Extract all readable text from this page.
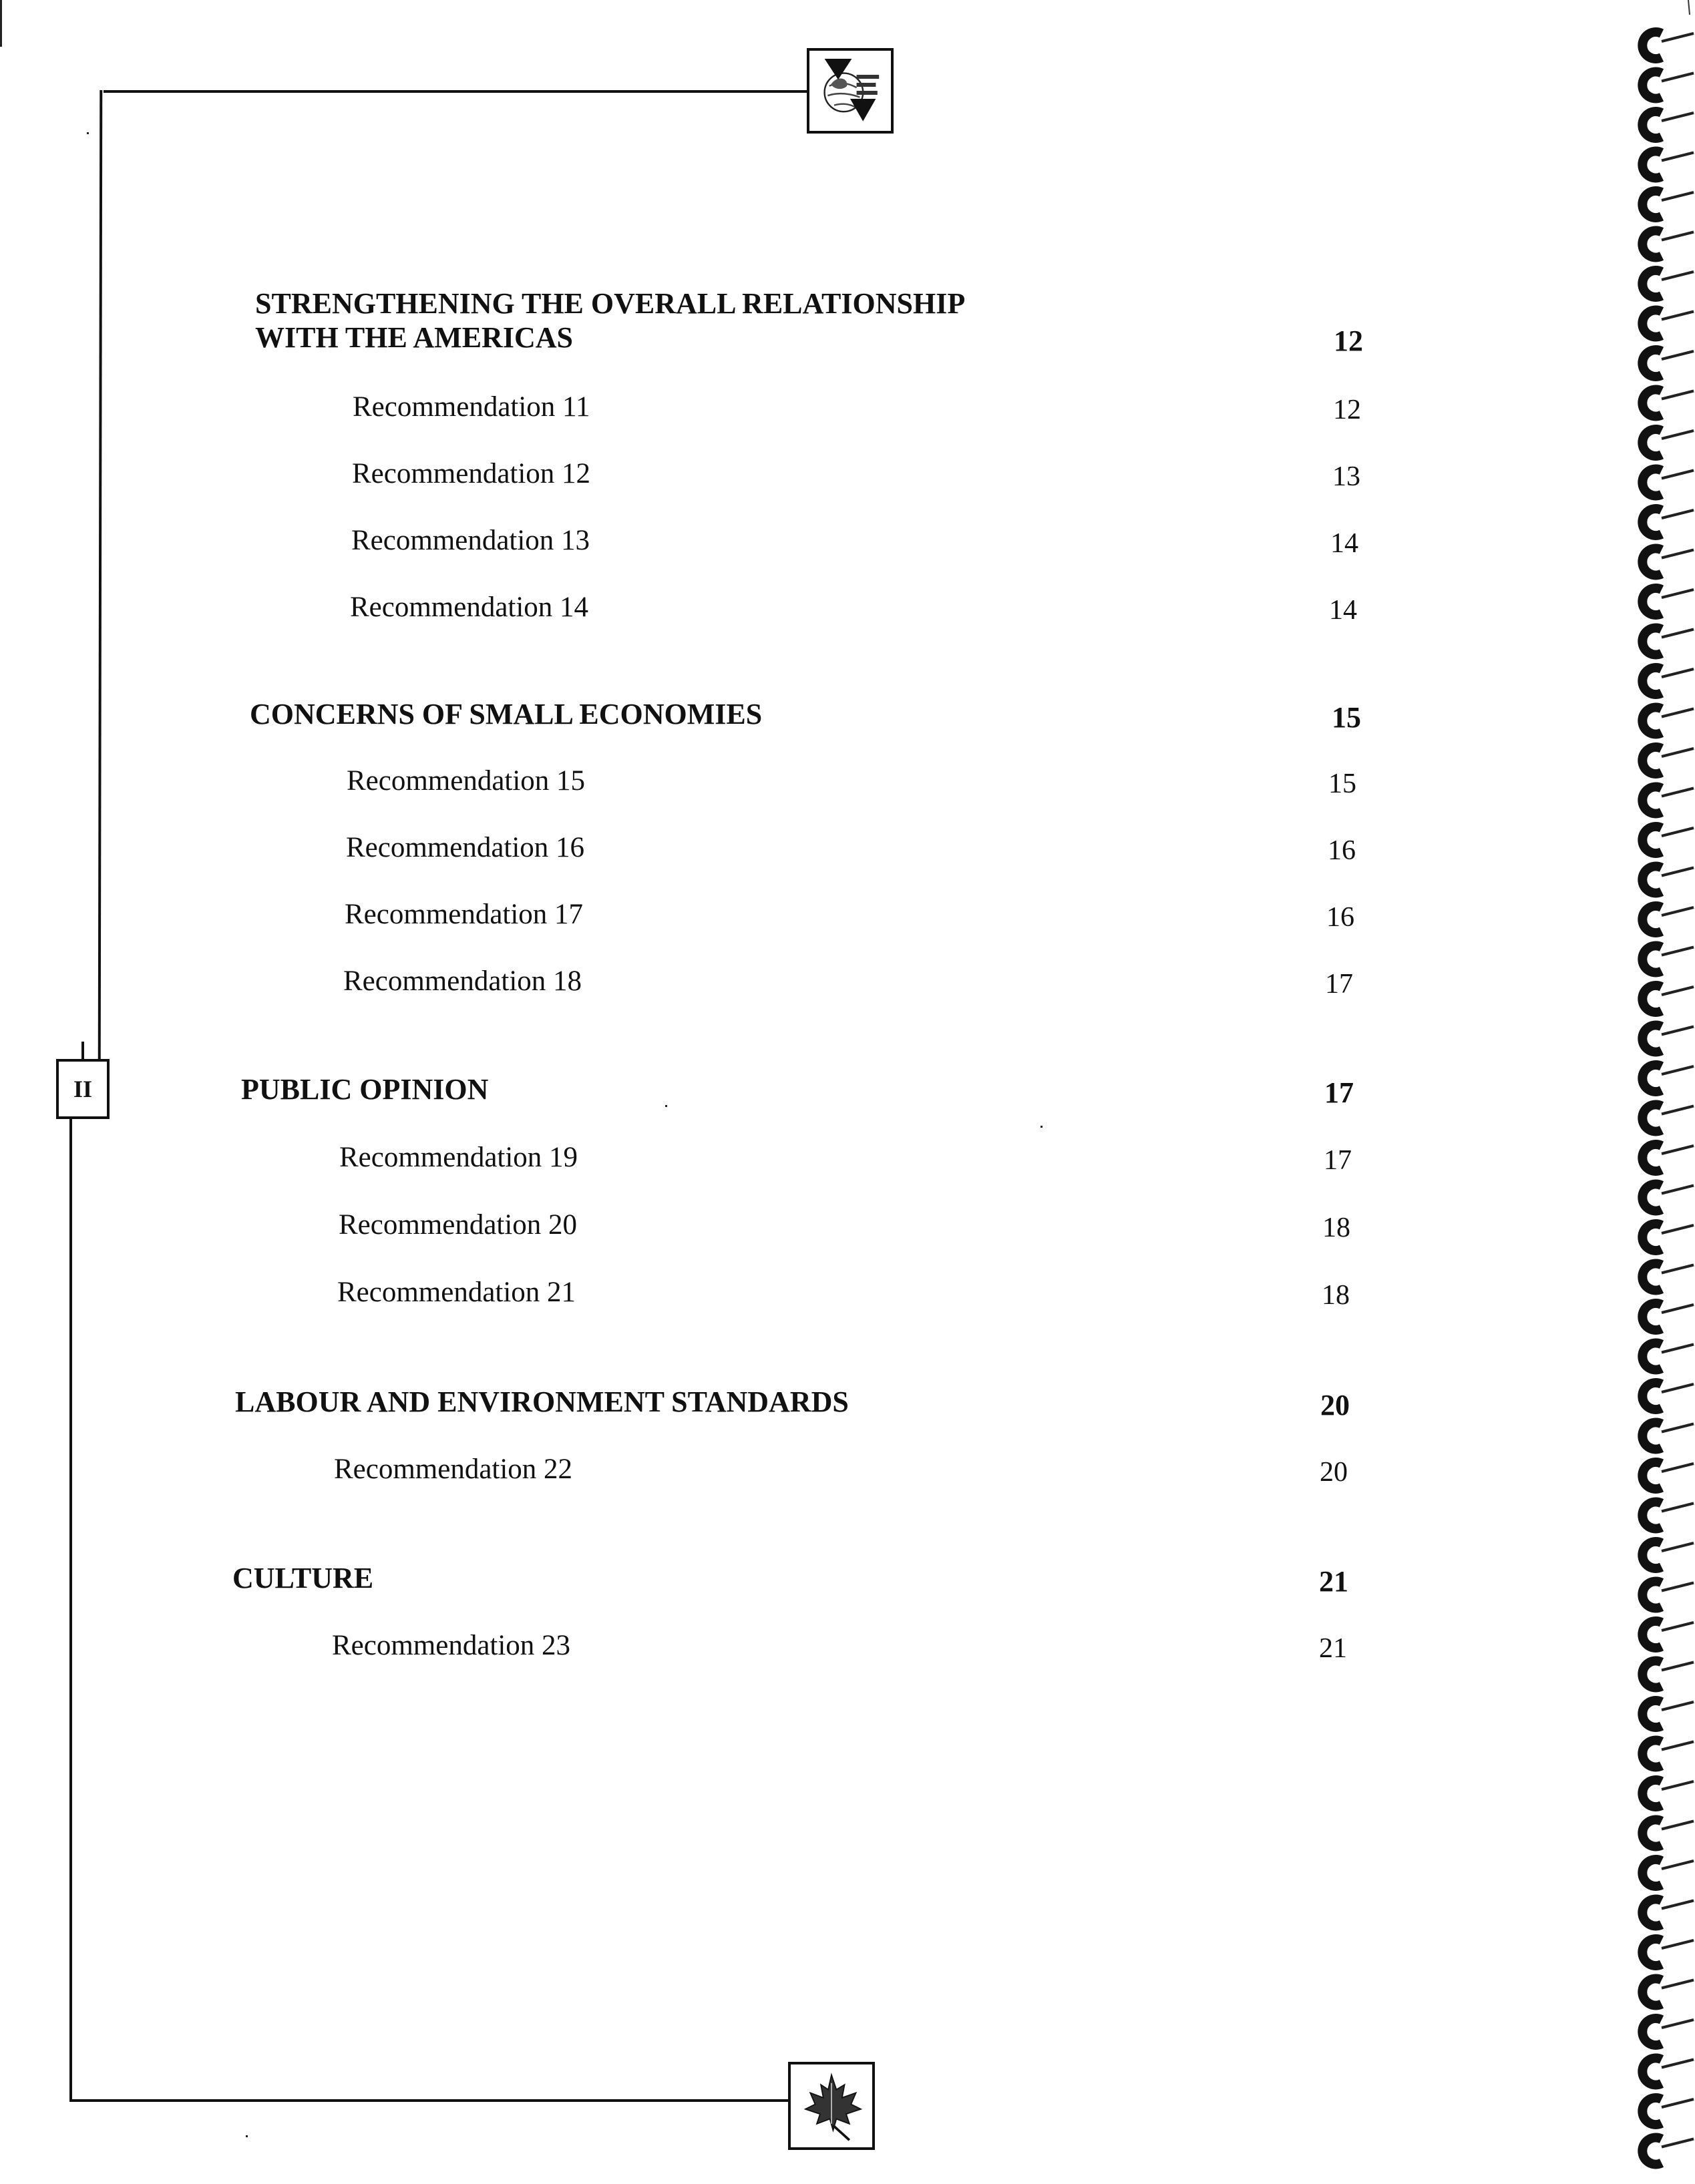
II
STRENGTHENING THE OVERALL RELATIONSHIP
WITH THE AMERICAS	12
Recommendation 11	12
Recommendation 12	13
Recommendation 13	14
Recommendation 14	14
CONCERNS OF SMALL ECONOMIES	15
Recommendation 15	15
Recommendation 16	16
Recommendation 17	16
Recommendation 18	17
PUBLIC OPINION	17
Recommendation 19	17
Recommendation 20	18
Recommendation 21	18
LABOUR AND ENVIRONMENT STANDARDS	20
Recommendation 22	20
CULTURE	21
Recommendation 23	21
